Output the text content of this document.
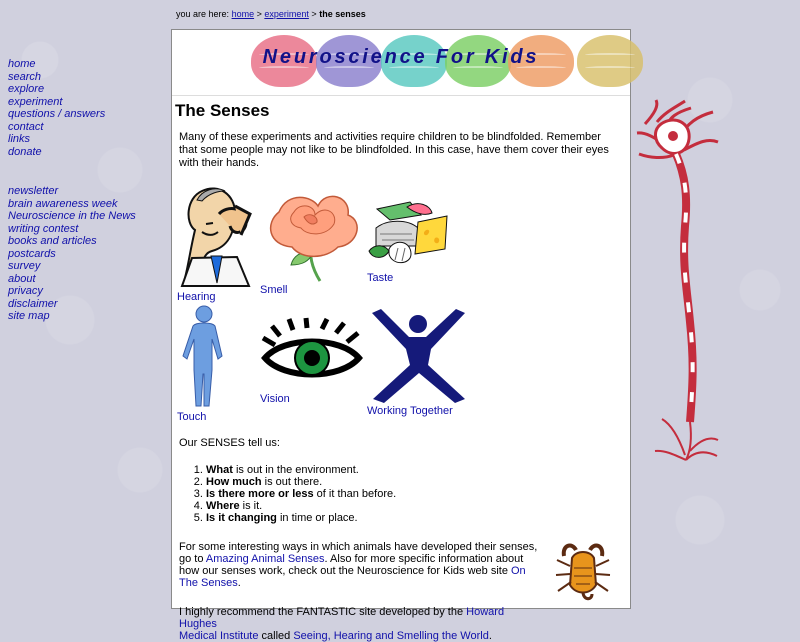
you are here: home > experiment > the senses
home
search
explore
experiment
questions / answers
contact
links
donate
newsletter
brain awareness week
Neuroscience in the News
writing contest
books and articles
postcards
survey
about
privacy
disclaimer
site map
Neuroscience For Kids
The Senses
Many of these experiments and activities require children to be blindfolded. Remember that some people may not like to be blindfolded. In this case, have them cover their eyes with their hands.
Hearing
Smell
Taste
Touch
Vision
Working Together

Our SENSES tell us:

1. What is out in the environment.
2. How much is out there.
3. Is there more or less of it than before.
4. Where is it.
5. Is it changing in time or place.

For some interesting ways in which animals have developed their senses, go to Amazing Animal Senses. Also for more specific information about how our senses work, check out the Neuroscience for Kids web site On The Senses.

I highly recommend the FANTASTIC site developed by the Howard Hughes
Medical Institute called Seeing, Hearing and Smelling the World.
